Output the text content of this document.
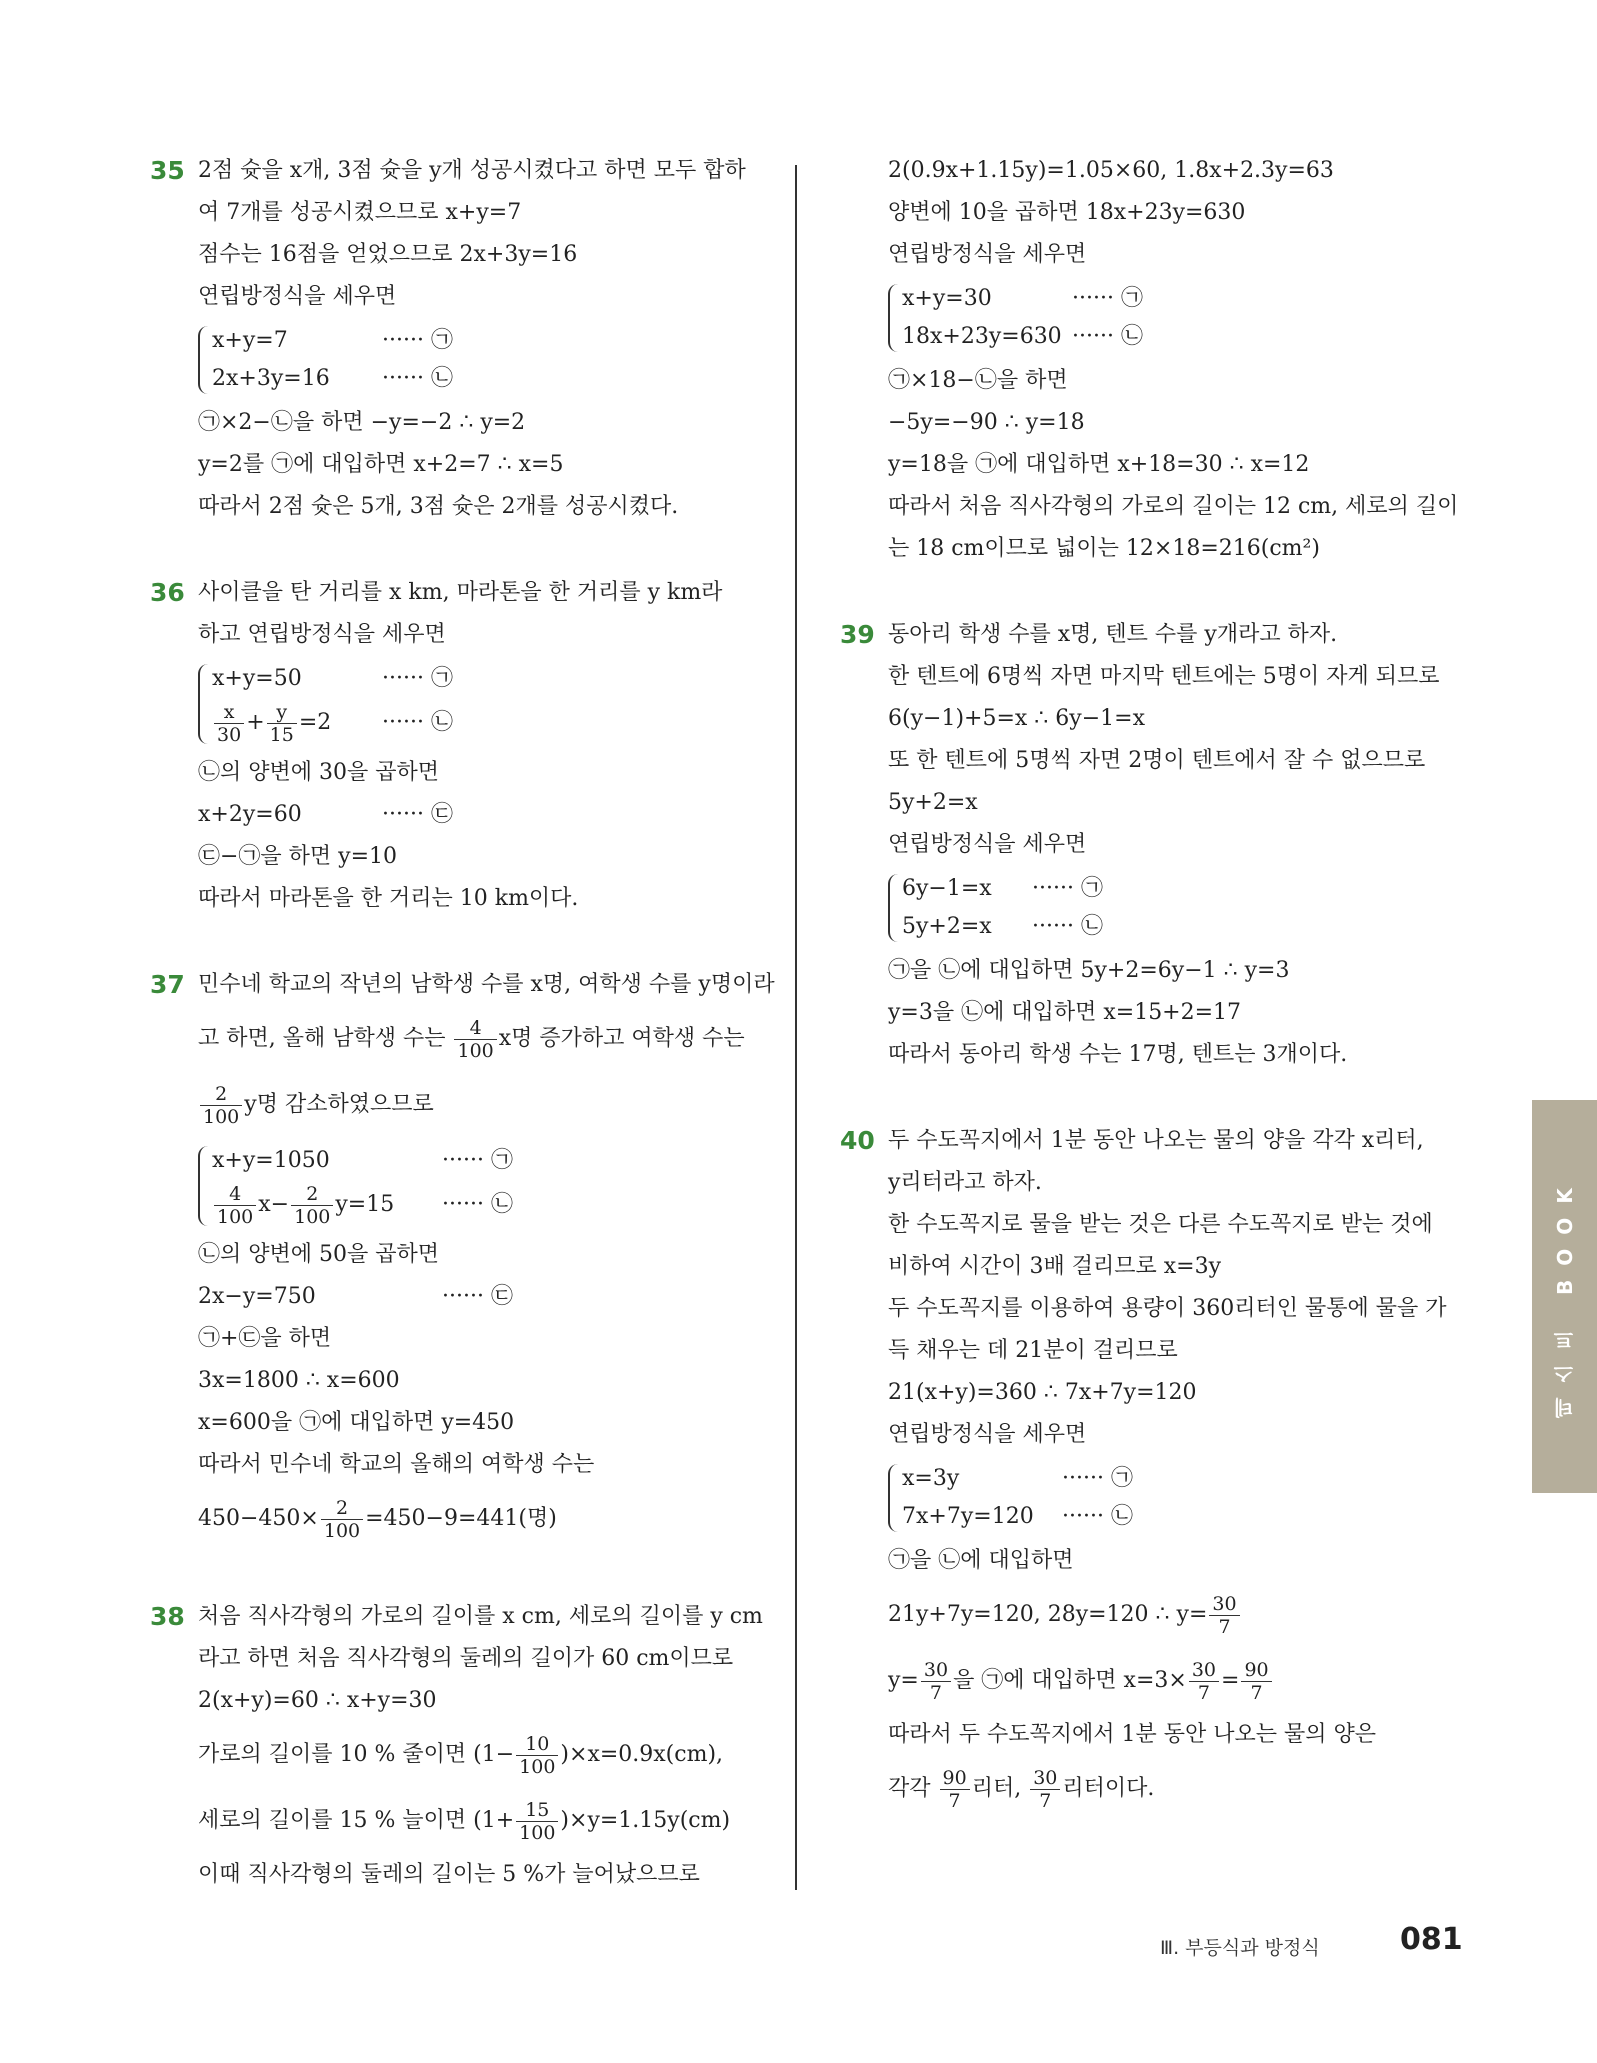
35 2점 슛을 x개, 3점 슛을 y개 성공시켰다고 하면 모두 합하
여 7개를 성공시켰으므로 x+y=7
점수는 16점을 얻었으므로 2x+3y=16
연립방정식을 세우면
x+y=7	······ ㉠
2x+3y=16 ······ ㉡
㉠×2−㉡을 하면 −y=−2 ∴ y=2
y=2를 ㉠에 대입하면 x+2=7 ∴ x=5
따라서 2점 슛은 5개, 3점 슛은 2개를 성공시켰다.
36 사이클을 탄 거리를 x km, 마라톤을 한 거리를 y km라
하고 연립방정식을 세우면
x+y=50	······ ㉠
$\frac{x}{30} + \frac{y}{15} =2$ ······ ㉡
㉡의 양변에 30을 곱하면
x+2y=60	······ ㉢
㉢−㉠을 하면 y=10
따라서 마라톤을 한 거리는 10 km이다.
37 민수네 학교의 작년의 남학생 수를 x명, 여학생 수를 y명이라
고 하면, 올해 남학생 수는 $\frac{4}{100}$ x명 증가하고 여학생 수는
$\frac{2}{100}$ y명 감소하였으므로
x+y=1050	······ ㉠
$\frac{4}{100} x- \frac{2}{100} y=15$ ······ ㉡
㉡의 양변에 50을 곱하면
2x−y=750	······ ㉢
㉠+㉢을 하면
3x=1800 ∴ x=600
x=600을 ㉠에 대입하면 y=450
따라서 민수네 학교의 올해의 여학생 수는
$450-450\times \frac{2}{100} =450-9=441$(명)
38 처음 직사각형의 가로의 길이를 x cm, 세로의 길이를 y cm
라고 하면 처음 직사각형의 둘레의 길이가 60 cm이므로
2(x+y)=60 ∴ x+y=30
가로의 길이를 10 % 줄이면 $(1- \frac{10}{100} )\times x=0.9x(cm)$,
세로의 길이를 15 % 늘이면 $(1+ \frac{15}{100} )\times y=1.15y(cm)$
이때 직사각형의 둘레의 길이는 5 %가 늘어났으므로
2(0.9x+1.15y)=1.05×60, 1.8x+2.3y=63
양변에 10을 곱하면 18x+23y=630
연립방정식을 세우면
x+y=30	······ ㉠
18x+23y=630 ······ ㉡
㉠×18−㉡을 하면
−5y=−90 ∴ y=18
y=18을 ㉠에 대입하면 x+18=30 ∴ x=12
따라서 처음 직사각형의 가로의 길이는 12 cm, 세로의 길이
는 18 cm이므로 넓이는 12×18=216(cm²)
39 동아리 학생 수를 x명, 텐트 수를 y개라고 하자.
한 텐트에 6명씩 자면 마지막 텐트에는 5명이 자게 되므로
6(y−1)+5=x ∴ 6y−1=x
또 한 텐트에 5명씩 자면 2명이 텐트에서 잘 수 없으므로
5y+2=x
연립방정식을 세우면
6y−1=x ······ ㉠
5y+2=x ······ ㉡
㉠을 ㉡에 대입하면 5y+2=6y−1 ∴ y=3
y=3을 ㉡에 대입하면 x=15+2=17
따라서 동아리 학생 수는 17명, 텐트는 3개이다.
40 두 수도꼭지에서 1분 동안 나오는 물의 양을 각각 x리터,
y리터라고 하자.
한 수도꼭지로 물을 받는 것은 다른 수도꼭지로 받는 것에
비하여 시간이 3배 걸리므로 x=3y
두 수도꼭지를 이용하여 용량이 360리터인 물통에 물을 가
득 채우는 데 21분이 걸리므로
21(x+y)=360 ∴ 7x+7y=120
연립방정식을 세우면
x=3y	······ ㉠
7x+7y=120 ······ ㉡
㉠을 ㉡에 대입하면
21y+7y=120, 28y=120 ∴ $y= \frac{30}{7}$
$y= \frac{30}{7}$ 을 ㉠에 대입하면 $x=3\times \frac{30}{7} = \frac{90}{7}$
따라서 두 수도꼭지에서 1분 동안 나오는 물의 양은
각각 $\frac{90}{7}$ 리터, $\frac{30}{7}$ 리터이다.
테스트 BOOK
Ⅲ. 부등식과 방정식	081
